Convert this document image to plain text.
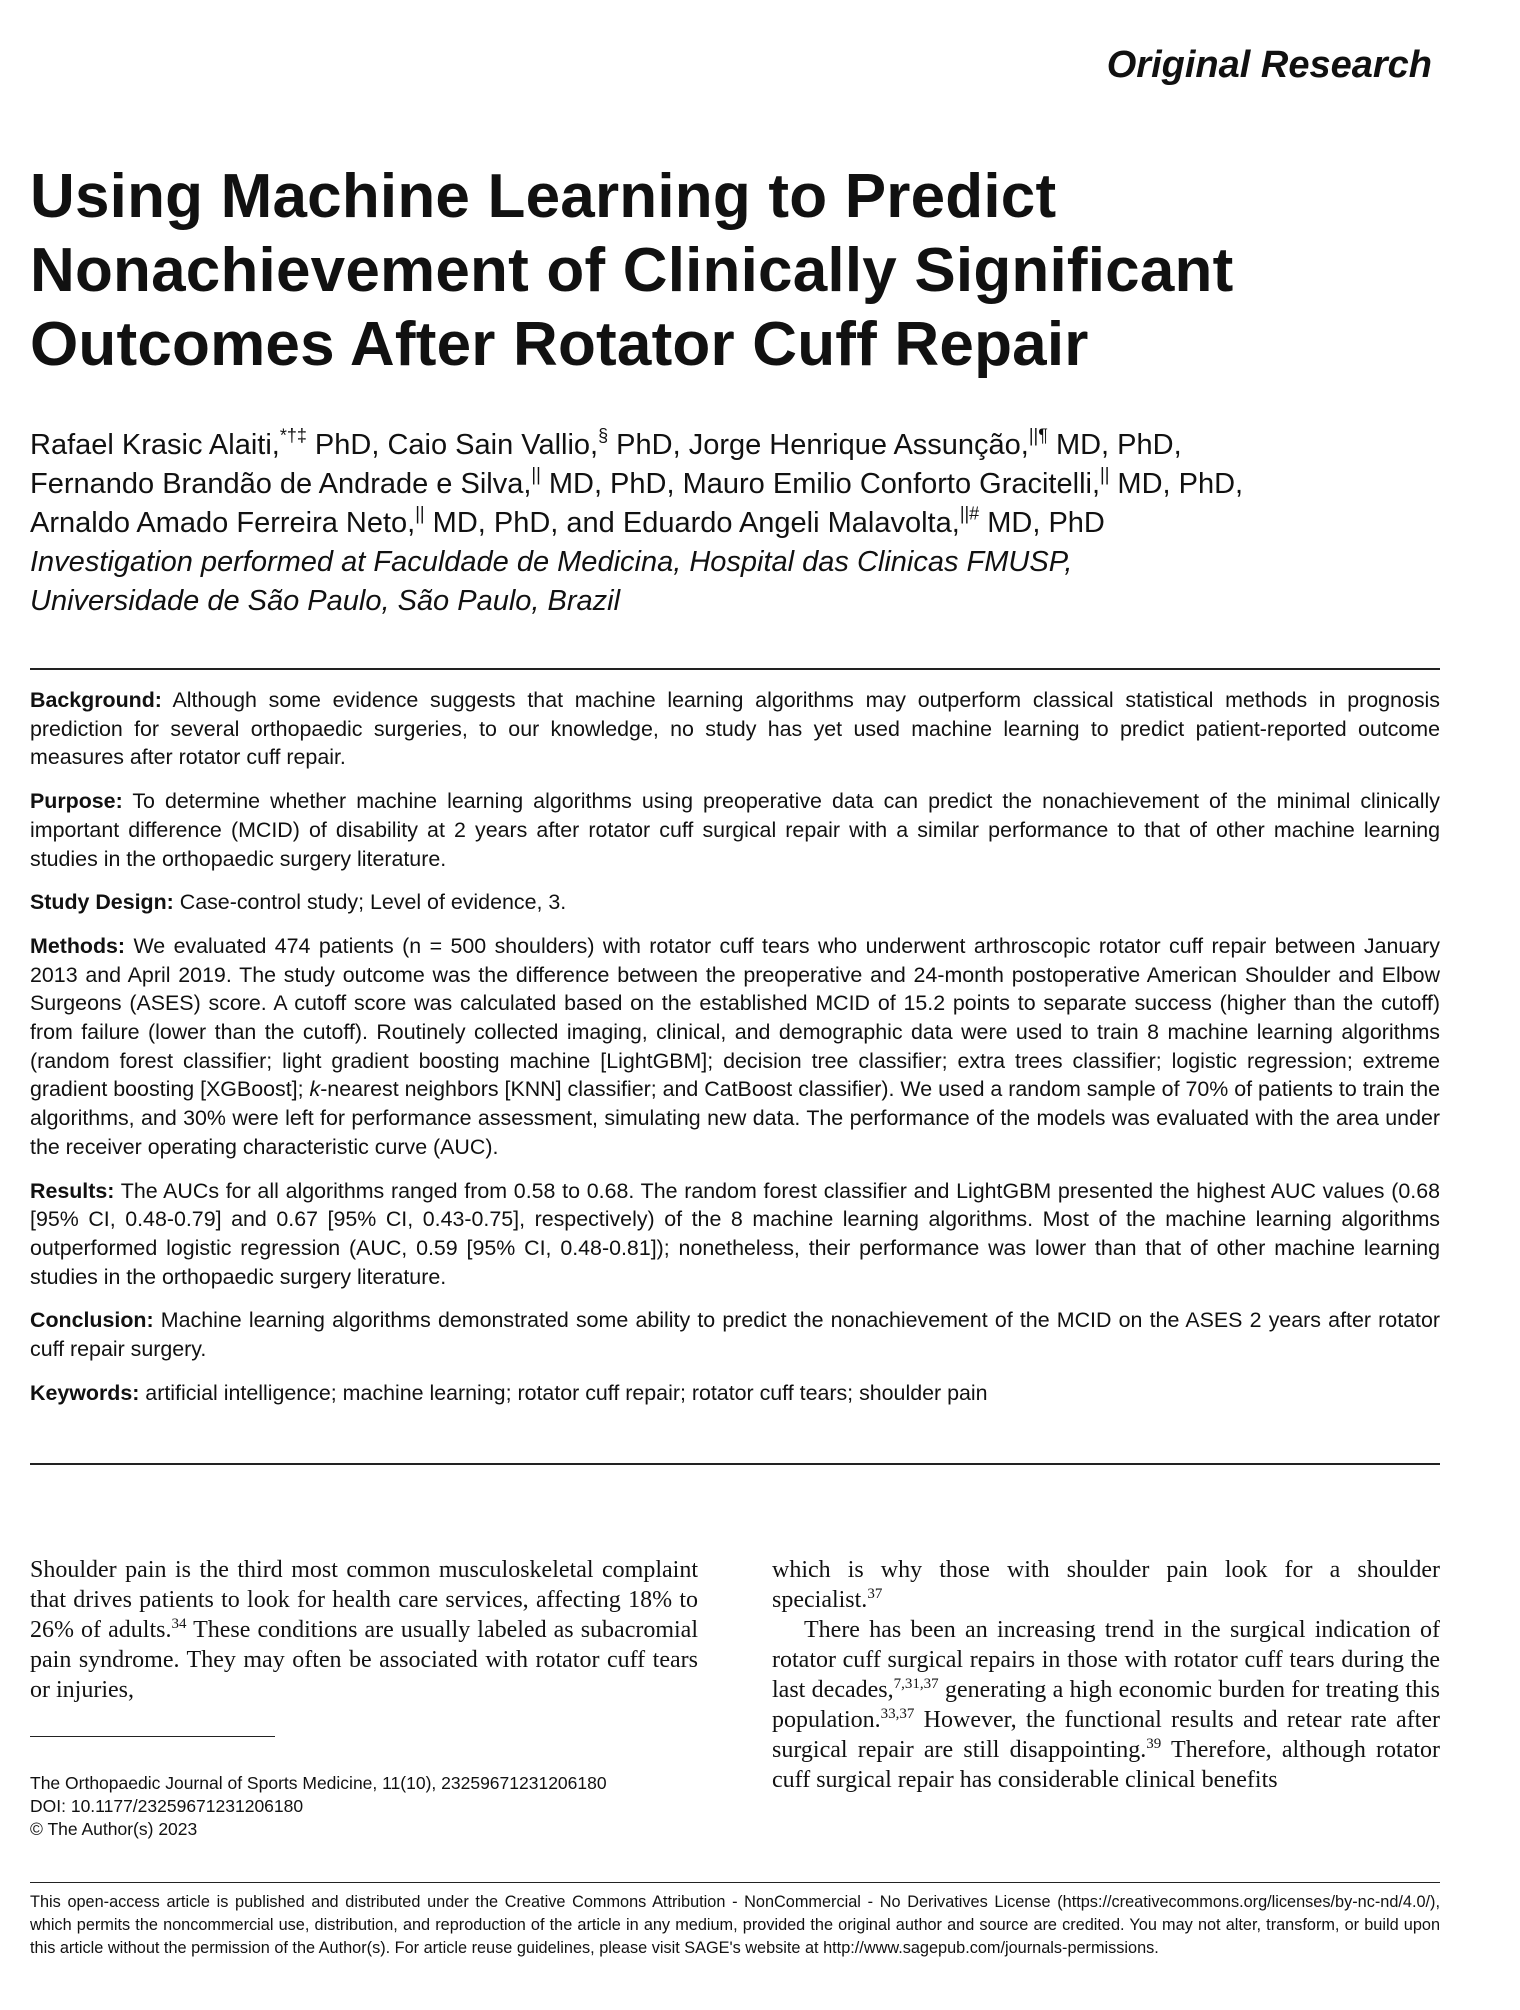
Original Research
Using Machine Learning to Predict
Nonachievement of Clinically Significant
Outcomes After Rotator Cuff Repair
Rafael Krasic Alaiti,*†‡ PhD, Caio Sain Vallio,§ PhD, Jorge Henrique Assunção,||¶ MD, PhD,
Fernando Brandão de Andrade e Silva,|| MD, PhD, Mauro Emilio Conforto Gracitelli,|| MD, PhD,
Arnaldo Amado Ferreira Neto,|| MD, PhD, and Eduardo Angeli Malavolta,||# MD, PhD
Investigation performed at Faculdade de Medicina, Hospital das Clinicas FMUSP,
Universidade de São Paulo, São Paulo, Brazil

Background: Although some evidence suggests that machine learning algorithms may outperform classical statistical methods in prognosis prediction for several orthopaedic surgeries, to our knowledge, no study has yet used machine learning to predict patient-reported outcome measures after rotator cuff repair.

Purpose: To determine whether machine learning algorithms using preoperative data can predict the nonachievement of the minimal clinically important difference (MCID) of disability at 2 years after rotator cuff surgical repair with a similar performance to that of other machine learning studies in the orthopaedic surgery literature.

Study Design: Case-control study; Level of evidence, 3.

Methods: We evaluated 474 patients (n = 500 shoulders) with rotator cuff tears who underwent arthroscopic rotator cuff repair between January 2013 and April 2019. The study outcome was the difference between the preoperative and 24-month postoperative American Shoulder and Elbow Surgeons (ASES) score. A cutoff score was calculated based on the established MCID of 15.2 points to separate success (higher than the cutoff) from failure (lower than the cutoff). Routinely collected imaging, clinical, and demographic data were used to train 8 machine learning algorithms (random forest classifier; light gradient boosting machine [LightGBM]; decision tree classifier; extra trees classifier; logistic regression; extreme gradient boosting [XGBoost]; k-nearest neighbors [KNN] classifier; and CatBoost classifier). We used a random sample of 70% of patients to train the algorithms, and 30% were left for performance assessment, simulating new data. The performance of the models was evaluated with the area under the receiver operating characteristic curve (AUC).

Results: The AUCs for all algorithms ranged from 0.58 to 0.68. The random forest classifier and LightGBM presented the highest AUC values (0.68 [95% CI, 0.48-0.79] and 0.67 [95% CI, 0.43-0.75], respectively) of the 8 machine learning algorithms. Most of the machine learning algorithms outperformed logistic regression (AUC, 0.59 [95% CI, 0.48-0.81]); nonetheless, their performance was lower than that of other machine learning studies in the orthopaedic surgery literature.

Conclusion: Machine learning algorithms demonstrated some ability to predict the nonachievement of the MCID on the ASES 2 years after rotator cuff repair surgery.

Keywords: artificial intelligence; machine learning; rotator cuff repair; rotator cuff tears; shoulder pain

Shoulder pain is the third most common musculoskeletal complaint that drives patients to look for health care services, affecting 18% to 26% of adults.$^{34}$ These conditions are usually labeled as subacromial pain syndrome. They may often be associated with rotator cuff tears or injuries,

which is why those with shoulder pain look for a shoulder specialist.$^{37}$

There has been an increasing trend in the surgical indication of rotator cuff surgical repairs in those with rotator cuff tears during the last decades,$^{7,31,37}$ generating a high economic burden for treating this population.$^{33,37}$ However, the functional results and retear rate after surgical repair are still disappointing.$^{39}$ Therefore, although rotator cuff surgical repair has considerable clinical benefits

The Orthopaedic Journal of Sports Medicine, 11(10), 23259671231206180
DOI: 10.1177/23259671231206180
© The Author(s) 2023
This open-access article is published and distributed under the Creative Commons Attribution - NonCommercial - No Derivatives License (https://creativecommons.org/licenses/by-nc-nd/4.0/), which permits the noncommercial use, distribution, and reproduction of the article in any medium, provided the original author and source are credited. You may not alter, transform, or build upon this article without the permission of the Author(s). For article reuse guidelines, please visit SAGE's website at http://www.sagepub.com/journals-permissions.
